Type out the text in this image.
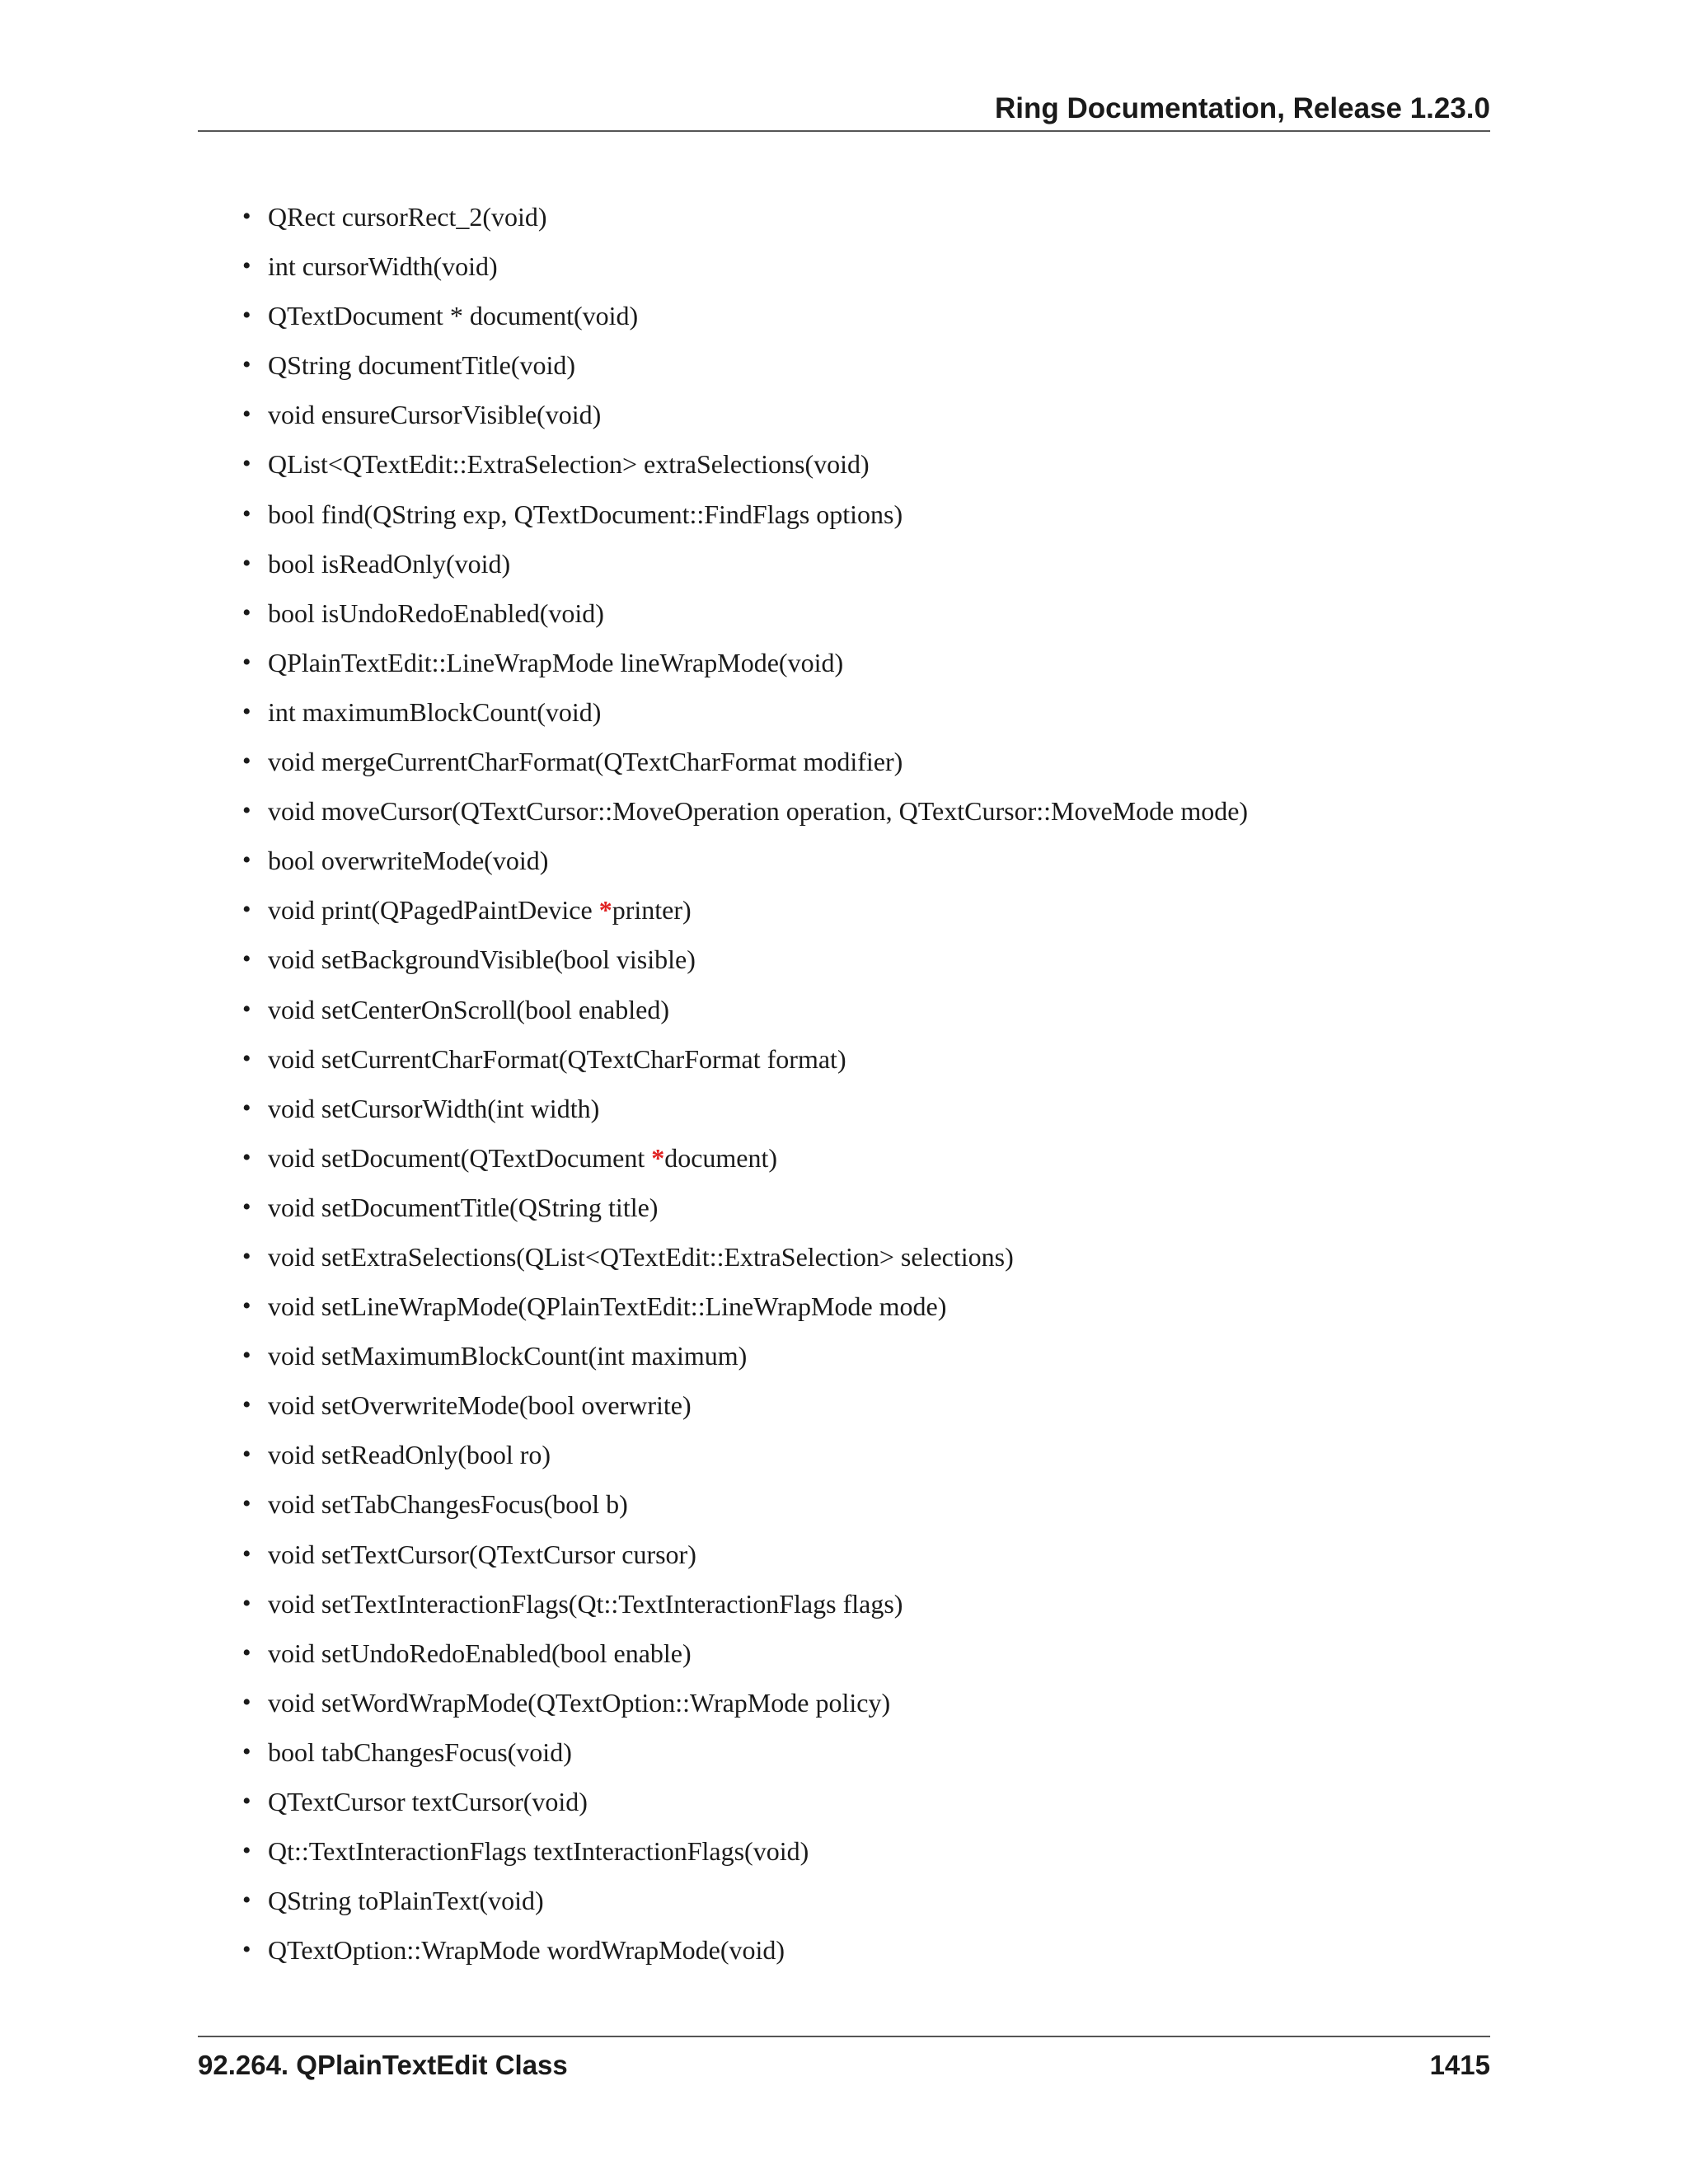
Ring Documentation, Release 1.23.0
• QRect cursorRect_2(void)
• int cursorWidth(void)
• QTextDocument * document(void)
• QString documentTitle(void)
• void ensureCursorVisible(void)
• QList<QTextEdit::ExtraSelection> extraSelections(void)
• bool find(QString exp, QTextDocument::FindFlags options)
• bool isReadOnly(void)
• bool isUndoRedoEnabled(void)
• QPlainTextEdit::LineWrapMode lineWrapMode(void)
• int maximumBlockCount(void)
• void mergeCurrentCharFormat(QTextCharFormat modifier)
• void moveCursor(QTextCursor::MoveOperation operation, QTextCursor::MoveMode mode)
• bool overwriteMode(void)
• void print(QPagedPaintDevice *printer)
• void setBackgroundVisible(bool visible)
• void setCenterOnScroll(bool enabled)
• void setCurrentCharFormat(QTextCharFormat format)
• void setCursorWidth(int width)
• void setDocument(QTextDocument *document)
• void setDocumentTitle(QString title)
• void setExtraSelections(QList<QTextEdit::ExtraSelection> selections)
• void setLineWrapMode(QPlainTextEdit::LineWrapMode mode)
• void setMaximumBlockCount(int maximum)
• void setOverwriteMode(bool overwrite)
• void setReadOnly(bool ro)
• void setTabChangesFocus(bool b)
• void setTextCursor(QTextCursor cursor)
• void setTextInteractionFlags(Qt::TextInteractionFlags flags)
• void setUndoRedoEnabled(bool enable)
• void setWordWrapMode(QTextOption::WrapMode policy)
• bool tabChangesFocus(void)
• QTextCursor textCursor(void)
• Qt::TextInteractionFlags textInteractionFlags(void)
• QString toPlainText(void)
• QTextOption::WrapMode wordWrapMode(void)
92.264. QPlainTextEdit Class	1415
